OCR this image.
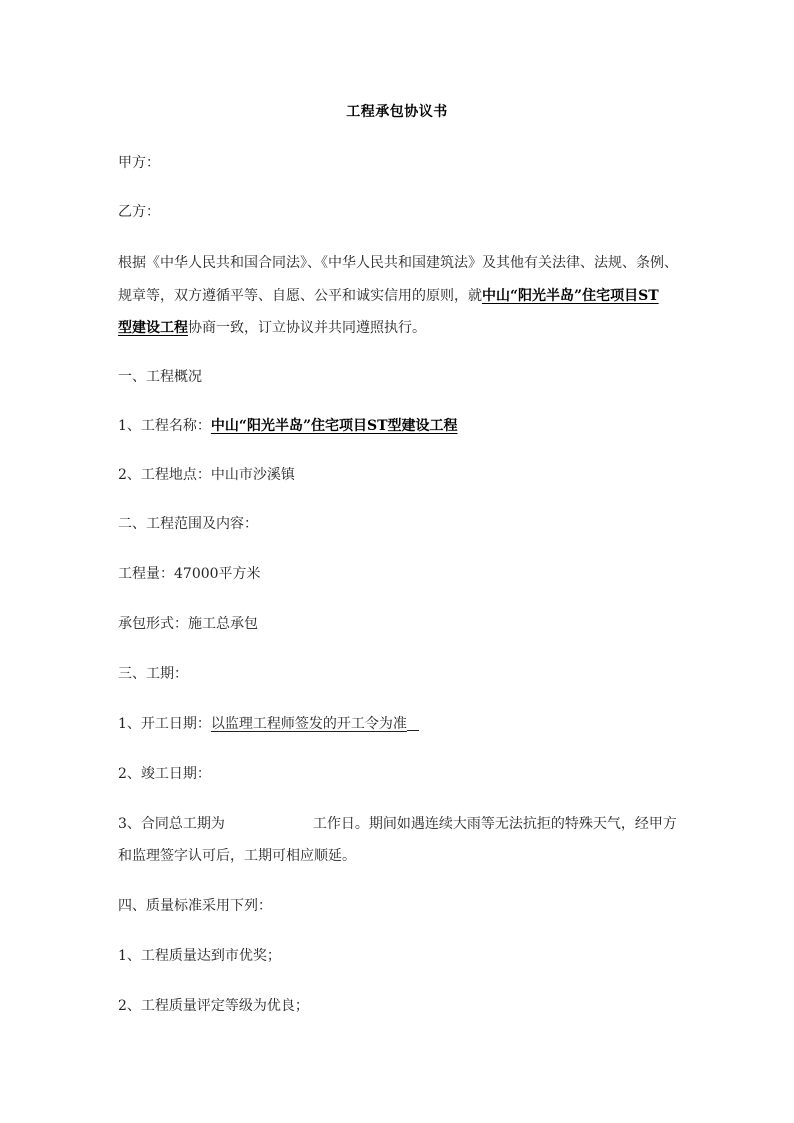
工程承包协议书
甲方：
乙方：
根据《中华人民共和国合同法》、《中华人民共和国建筑法》及其他有关法律、法规、条例、
规章等，双方遵循平等、自愿、公平和诚实信用的原则，就中山“阳光半岛”住宅项目ST
型建设工程协商一致，订立协议并共同遵照执行。
一、工程概况
1、工程名称：中山“阳光半岛”住宅项目ST型建设工程
2、工程地点：中山市沙溪镇
二、工程范围及内容：
工程量：47000平方米
承包形式：施工总承包
三、工期：
1、开工日期：以监理工程师签发的开工令为准
2、竣工日期：
3、合同总工期为	工作日。期间如遇连续大雨等无法抗拒的特殊天气，经甲方
和监理签字认可后，工期可相应顺延。
四、质量标准采用下列：
1、工程质量达到市优奖；
2、工程质量评定等级为优良；
